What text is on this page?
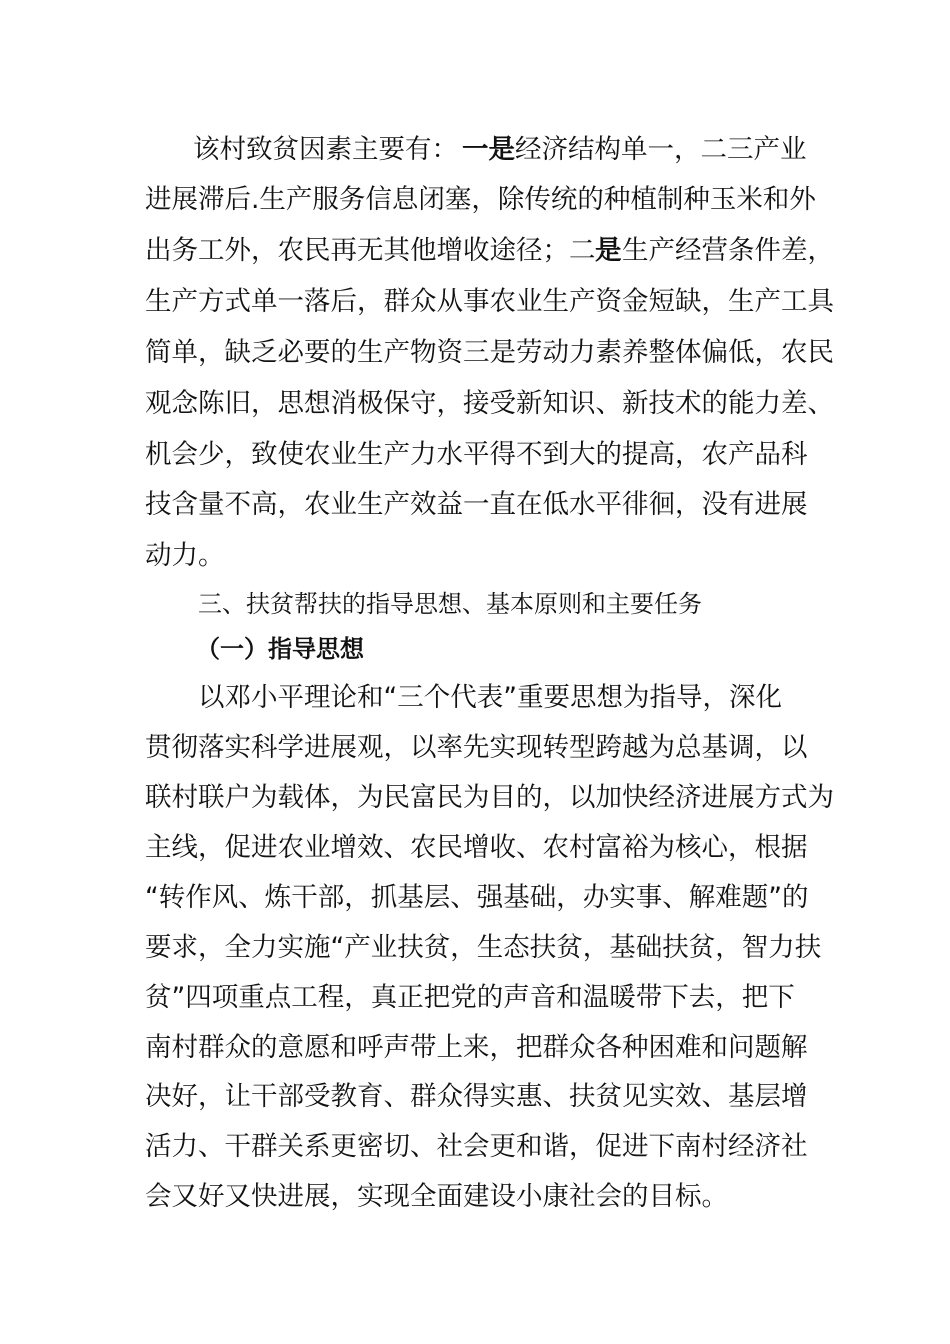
该村致贫因素主要有： 一是 经济结构单一，二三产业
进展滞后.生产服务信息闭塞，除传统的种植制种玉米和外
出务工外，农民再无其他增收途径；二 是 生产经营条件差，
生产方式单一落后，群众从事农业生产资金短缺，生产工具
简单，缺乏必要的生产物资三是劳动力素养整体偏低，农民
观念陈旧，思想消极保守，接受新知识、新技术的能力差、
机会少，致使农业生产力水平得不到大的提高，农产品科
技含量不高，农业生产效益一直在低水平徘徊，没有进展
动力。
三、扶贫帮扶的指导思想、基本原则和主要任务
（一）指导思想
以邓小平理论和“三个代表”重要思想为指导，深化
贯彻落实科学进展观，以率先实现转型跨越为总基调，以
联村联户为载体，为民富民为目的，以加快经济进展方式为
主线，促进农业增效、农民增收、农村富裕为核心，根据
“转作风、炼干部，抓基层、强基础，办实事、解难题”的
要求，全力实施“产业扶贫，生态扶贫，基础扶贫，智力扶
贫”四项重点工程，真正把党的声音和温暖带下去，把下
南村群众的意愿和呼声带上来，把群众各种困难和问题解
决好，让干部受教育、群众得实惠、扶贫见实效、基层增
活力、干群关系更密切、社会更和谐，促进下南村经济社
会又好又快进展，实现全面建设小康社会的目标。
